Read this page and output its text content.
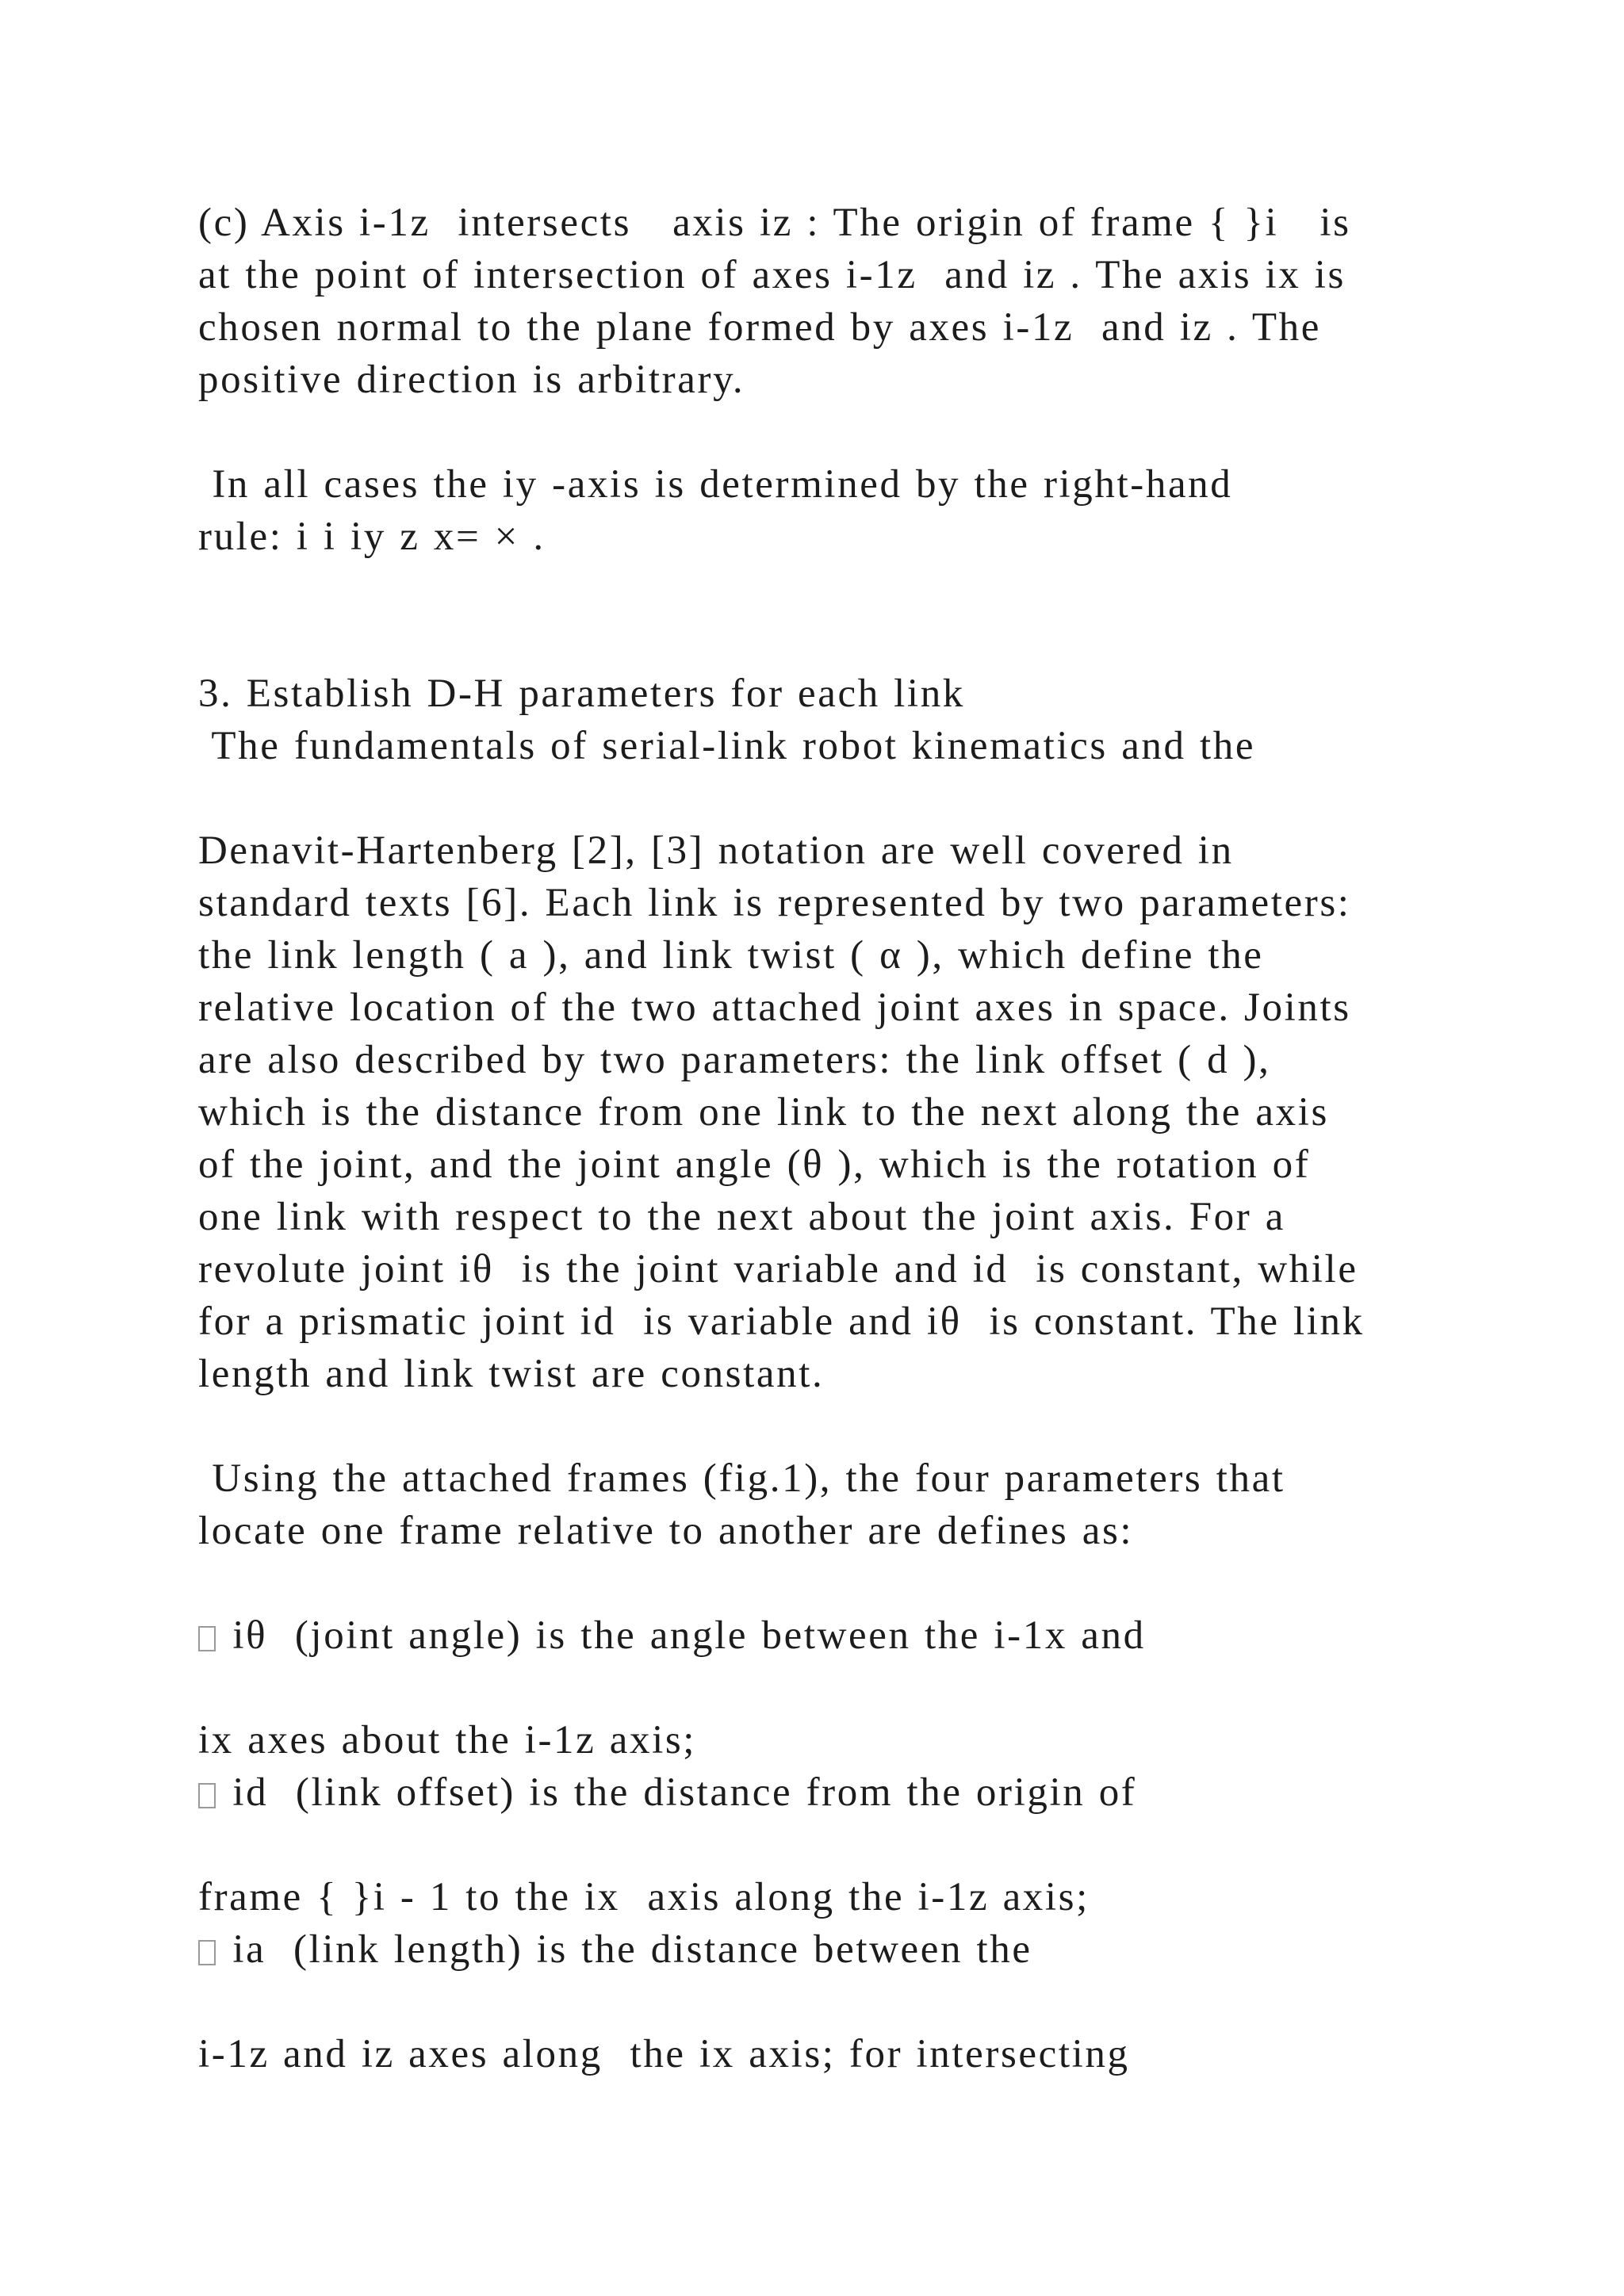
(c) Axis i-1z  intersects   axis iz : The origin of frame { }i   is
at the point of intersection of axes i-1z  and iz . The axis ix is
chosen normal to the plane formed by axes i-1z  and iz . The
positive direction is arbitrary.
In all cases the iy -axis is determined by the right-hand
rule: i i iy z x= × .
3. Establish D-H parameters for each link
The fundamentals of serial-link robot kinematics and the
Denavit-Hartenberg [2], [3] notation are well covered in
standard texts [6]. Each link is represented by two parameters:
the link length ( a ), and link twist ( α ), which define the
relative location of the two attached joint axes in space. Joints
are also described by two parameters: the link offset ( d ),
which is the distance from one link to the next along the axis
of the joint, and the joint angle (θ ), which is the rotation of
one link with respect to the next about the joint axis. For a
revolute joint iθ  is the joint variable and id  is constant, while
for a prismatic joint id  is variable and iθ  is constant. The link
length and link twist are constant.
Using the attached frames (fig.1), the four parameters that
locate one frame relative to another are defines as:
iθ  (joint angle) is the angle between the i-1x and
ix axes about the i-1z axis;
id  (link offset) is the distance from the origin of
frame { }i - 1 to the ix  axis along the i-1z axis;
ia  (link length) is the distance between the
i-1z and iz axes along  the ix axis; for intersecting
